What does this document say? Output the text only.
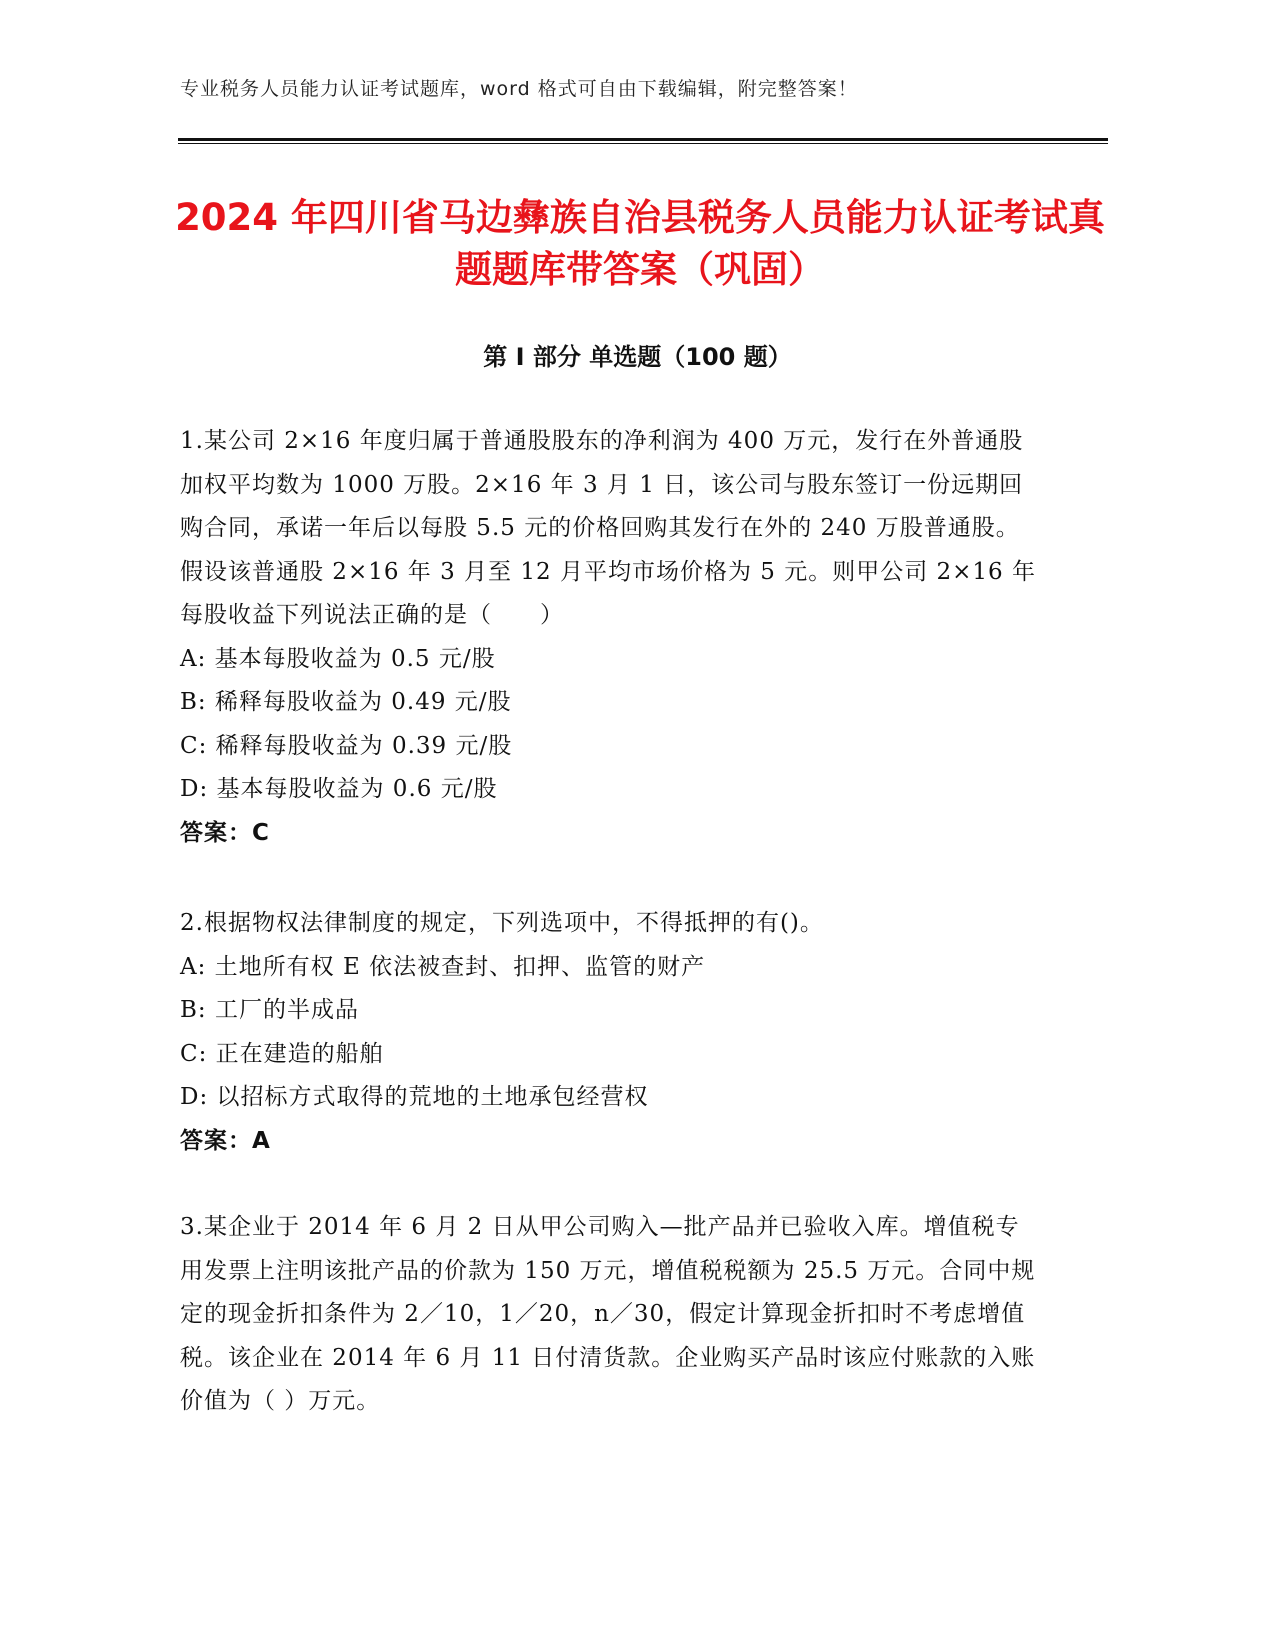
专业税务人员能力认证考试题库，word 格式可自由下载编辑，附完整答案！
2024 年四川省马边彝族自治县税务人员能力认证考试真题题库带答案（巩固）
第 I 部分 单选题（100 题）

1.某公司 2×16 年度归属于普通股股东的净利润为 400 万元，发行在外普通股加权平均数为 1000 万股。2×16 年 3 月 1 日，该公司与股东签订一份远期回购合同，承诺一年后以每股 5.5 元的价格回购其发行在外的 240 万股普通股。假设该普通股 2×16 年 3 月至 12 月平均市场价格为 5 元。则甲公司 2×16 年每股收益下列说法正确的是（　　）

A: 基本每股收益为 0.5 元/股

B: 稀释每股收益为 0.49 元/股

C: 稀释每股收益为 0.39 元/股

D: 基本每股收益为 0.6 元/股

答案：C

2.根据物权法律制度的规定，下列选项中，不得抵押的有()。

A: 土地所有权 E 依法被查封、扣押、监管的财产

B: 工厂的半成品

C: 正在建造的船舶

D: 以招标方式取得的荒地的土地承包经营权

答案：A

3.某企业于 2014 年 6 月 2 日从甲公司购入—批产品并已验收入库。增值税专用发票上注明该批产品的价款为 150 万元，增值税税额为 25.5 万元。合同中规定的现金折扣条件为 2／10，1／20，n／30，假定计算现金折扣时不考虑增值税。该企业在 2014 年 6 月 11 日付清货款。企业购买产品时该应付账款的入账价值为（ ）万元。
